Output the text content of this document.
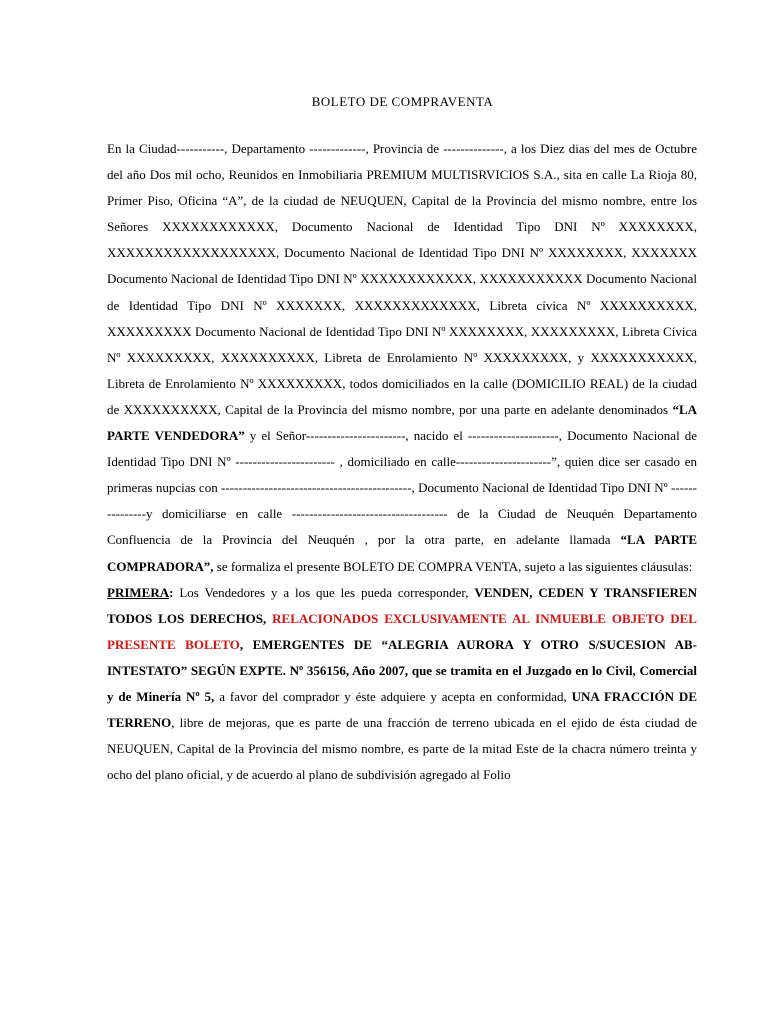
BOLETO DE COMPRAVENTA

En la Ciudad-----------, Departamento -------------, Provincia de --------------, a los Diez dias del mes de Octubre del año Dos mil ocho, Reunidos en Inmobiliaria PREMIUM MULTISRVICIOS S.A., sita en calle La Rioja 80, Primer Piso, Oficina “A”, de la ciudad de NEUQUEN, Capital de la Provincia del mismo nombre, entre los Señores XXXXXXXXXXXX, Documento Nacional de Identidad Tipo DNI Nº XXXXXXXX, XXXXXXXXXXXXXXXXXX, Documento Nacional de Identidad Tipo DNI Nº XXXXXXXX, XXXXXXX Documento Nacional de Identidad Tipo DNI Nº XXXXXXXXXXXX, XXXXXXXXXXX Documento Nacional de Identidad Tipo DNI Nº XXXXXXX, XXXXXXXXXXXXX, Libreta cívica Nº XXXXXXXXXX, XXXXXXXXX Documento Nacional de Identidad Tipo DNI Nº XXXXXXXX, XXXXXXXXX, Libreta Cívica Nº XXXXXXXXX, XXXXXXXXXX, Libreta de Enrolamiento Nº XXXXXXXXX, y XXXXXXXXXXX, Libreta de Enrolamiento Nº XXXXXXXXX, todos domiciliados en la calle (DOMICILIO REAL) de la ciudad de XXXXXXXXXX, Capital de la Provincia del mismo nombre, por una parte en adelante denominados “LA PARTE VENDEDORA” y el Señor-----------------------, nacido el ---------------------, Documento Nacional de Identidad Tipo DNI Nº ----------------------- , domiciliado en calle----------------------”, quien dice ser casado en primeras nupcias con --------------------------------------------, Documento Nacional de Identidad Tipo DNI Nº ---------------y domiciliarse en calle ------------------------------------ de la Ciudad de Neuquén Departamento Confluencia de la Provincia del Neuquén , por la otra parte, en adelante llamada “LA PARTE COMPRADORA”, se formaliza el presente BOLETO DE COMPRA VENTA, sujeto a las siguientes cláusulas:

PRIMERA: Los Vendedores y a los que les pueda corresponder, VENDEN, CEDEN Y TRANSFIEREN TODOS LOS DERECHOS, RELACIONADOS EXCLUSIVAMENTE AL INMUEBLE OBJETO DEL PRESENTE BOLETO, EMERGENTES DE “ALEGRIA AURORA Y OTRO S/SUCESION AB-INTESTATO” SEGÚN EXPTE. Nº 356156, Año 2007, que se tramita en el Juzgado en lo Civil, Comercial y de Minería Nº 5, a favor del comprador y éste adquiere y acepta en conformidad, UNA FRACCIÓN DE TERRENO, libre de mejoras, que es parte de una fracción de terreno ubicada en el ejido de ésta ciudad de NEUQUEN, Capital de la Provincia del mismo nombre, es parte de la mitad Este de la chacra número treinta y ocho del plano oficial, y de acuerdo al plano de subdivisión agregado al Folio
